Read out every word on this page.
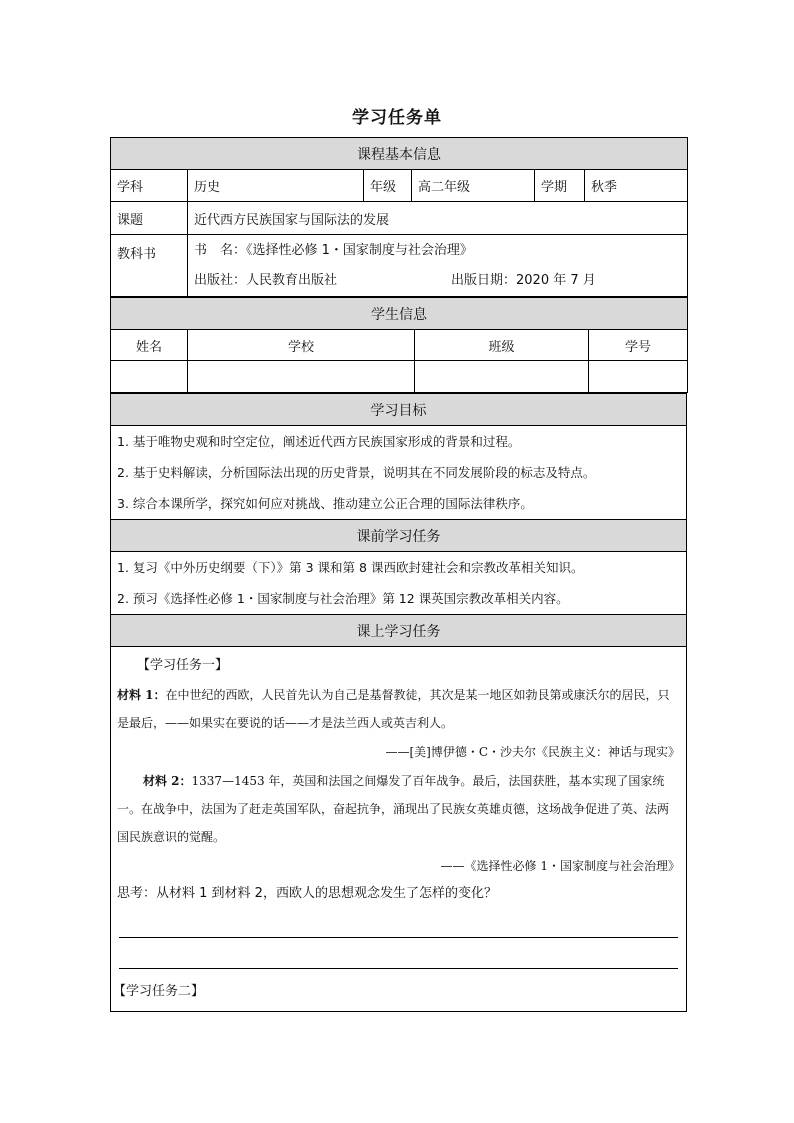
学习任务单
课程基本信息					
学科	历史	年级	高二年级	学期	秋季
课题	近代西方民族国家与国际法的发展				
教科书	书　名：《选择性必修 1・国家制度与社会治理》
出版社：人民教育出版社 出版日期：2020 年 7 月				
学生信息			
姓名	学校	班级	学号

学习目标

1. 基于唯物史观和时空定位，阐述近代西方民族国家形成的背景和过程。
2. 基于史料解读，分析国际法出现的历史背景，说明其在不同发展阶段的标志及特点。
3. 综合本课所学，探究如何应对挑战、推动建立公正合理的国际法律秩序。

课前学习任务

1. 复习《中外历史纲要（下）》第 3 课和第 8 课西欧封建社会和宗教改革相关知识。
2. 预习《选择性必修 1・国家制度与社会治理》第 12 课英国宗教改革相关内容。

课上学习任务

【学习任务一】
材料 1：在中世纪的西欧，人民首先认为自己是基督教徒，其次是某一地区如勃艮第或康沃尔的居民，只是最后，——如果实在要说的话——才是法兰西人或英吉利人。
——[美]博伊德・C・沙夫尔《民族主义：神话与现实》
材料 2：1337—1453 年，英国和法国之间爆发了百年战争。最后，法国获胜，基本实现了国家统一。在战争中，法国为了赶走英国军队，奋起抗争，涌现出了民族女英雄贞德，这场战争促进了英、法两国民族意识的觉醒。
——《选择性必修 1・国家制度与社会治理》
思考：从材料 1 到材料 2，西欧人的思想观念发生了怎样的变化？
【学习任务二】
